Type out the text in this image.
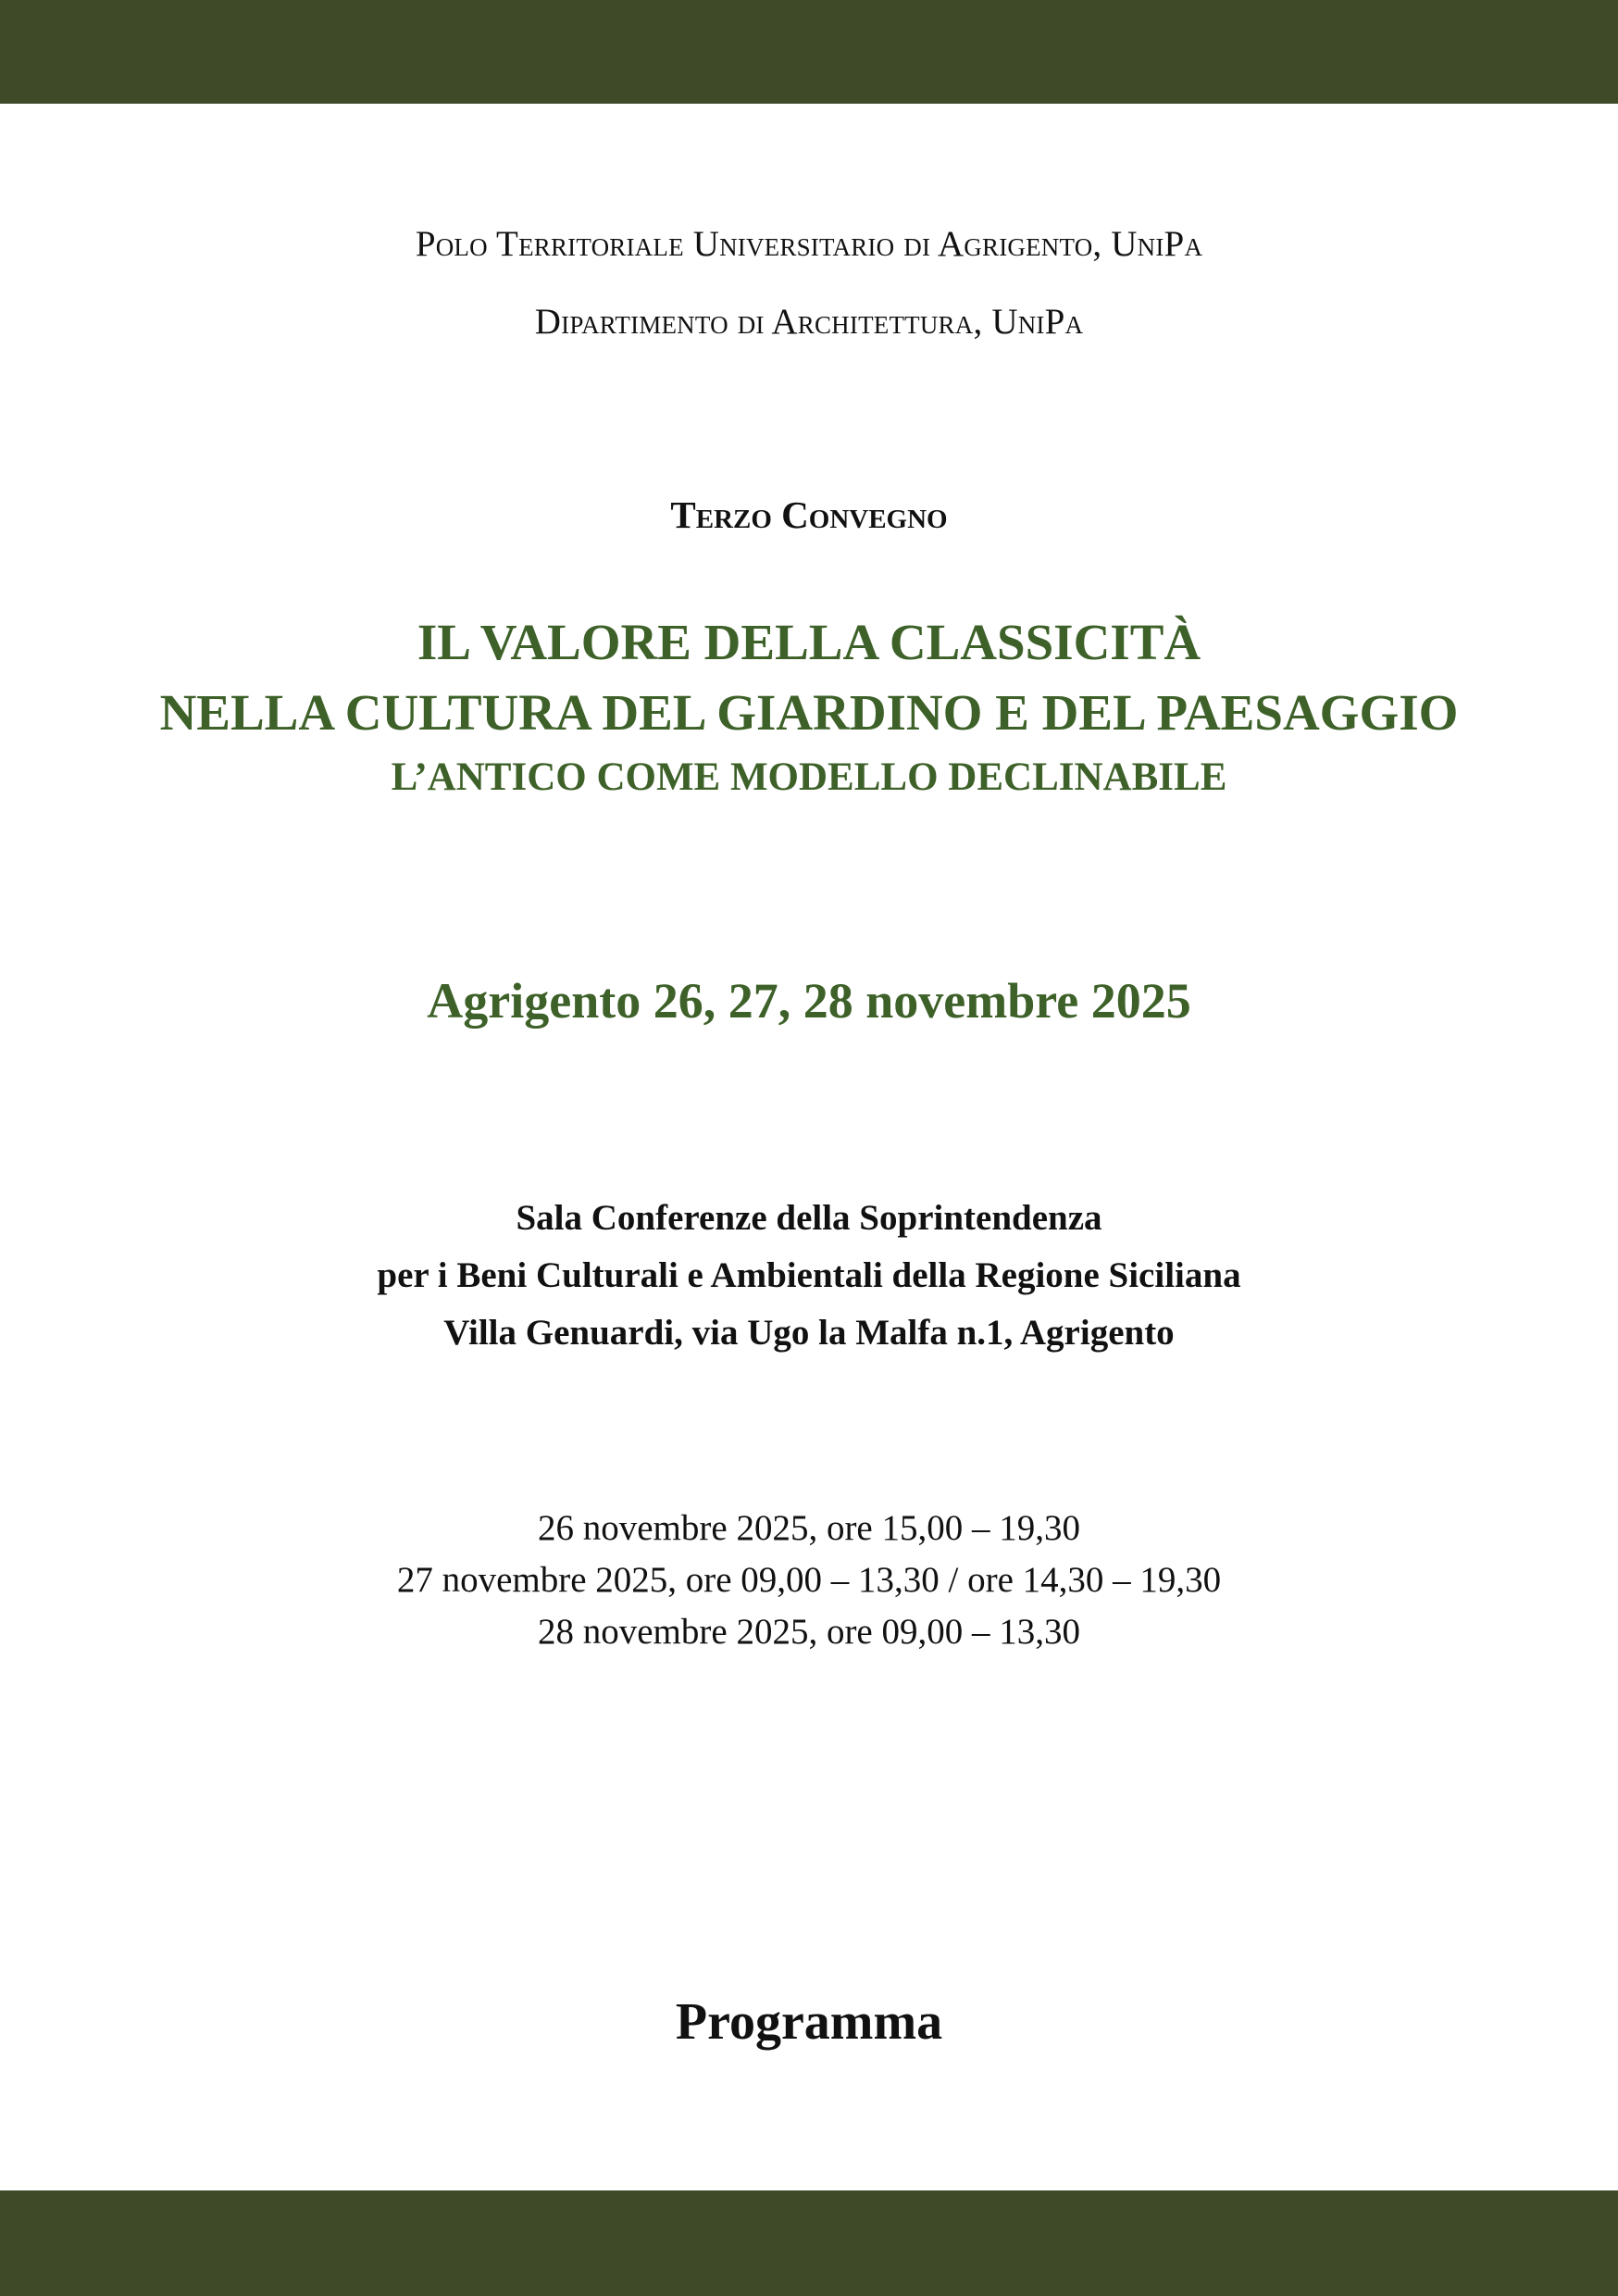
Polo Territoriale Universitario di Agrigento, UniPa
Dipartimento di Architettura, UniPa
Terzo Convegno
IL VALORE DELLA CLASSICITÀ
NELLA CULTURA DEL GIARDINO E DEL PAESAGGIO
L’ANTICO COME MODELLO DECLINABILE
Agrigento 26, 27, 28 novembre 2025
Sala Conferenze della Soprintendenza
per i Beni Culturali e Ambientali della Regione Siciliana
Villa Genuardi, via Ugo la Malfa n.1, Agrigento
26 novembre 2025, ore 15,00 – 19,30
27 novembre 2025, ore 09,00 – 13,30 / ore 14,30 – 19,30
28 novembre 2025, ore 09,00 – 13,30
Programma
